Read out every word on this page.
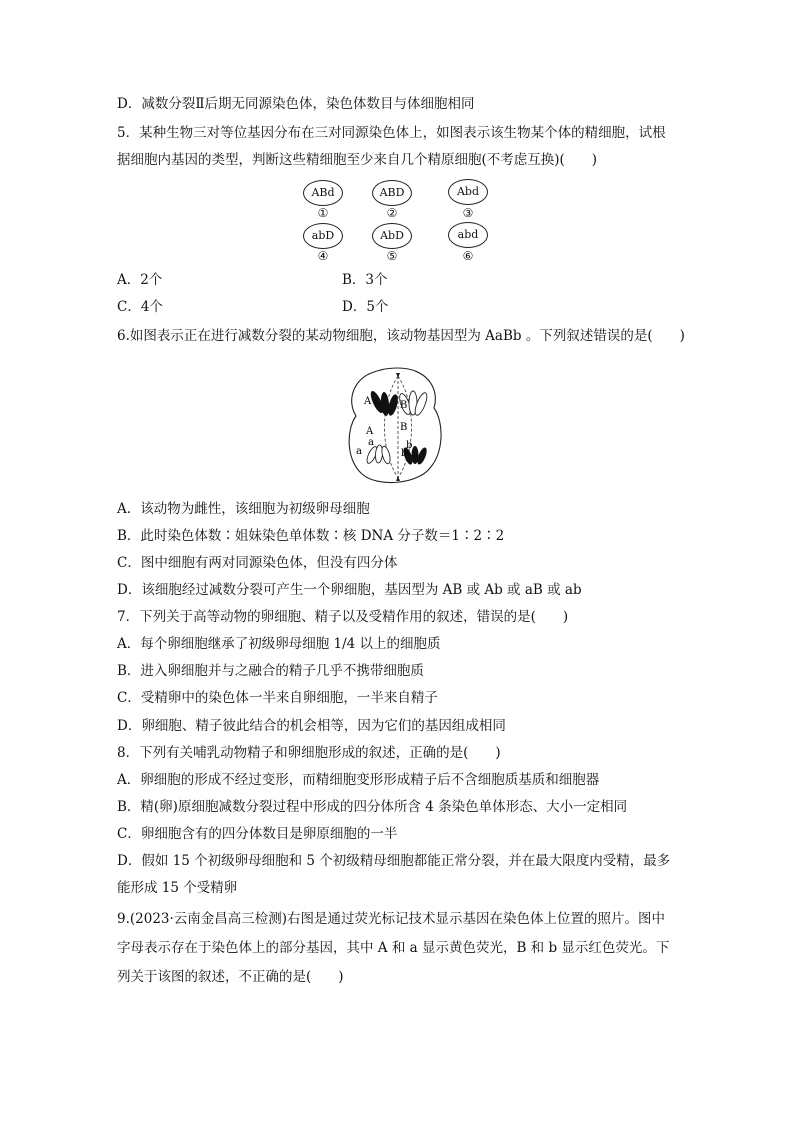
D．减数分裂Ⅱ后期无同源染色体，染色体数目与体细胞相同
5．某种生物三对等位基因分布在三对同源染色体上，如图表示该生物某个体的精细胞，试根
据细胞内基因的类型，判断这些精细胞至少来自几个精原细胞(不考虑互换)(　　)
ABd
①
ABD
②
Abd
③
abD
④
AbD
⑤
abd
⑥
A．2个	B．3个
C．4个	D．5个
6.如图表示正在进行减数分裂的某动物细胞，该动物基因型为 AaBb 。下列叙述错误的是(　　)
A
A
a
a
B
B
b
b
A．该动物为雌性，该细胞为初级卵母细胞
B．此时染色体数∶姐妹染色单体数∶核 DNA 分子数＝1∶2∶2
C．图中细胞有两对同源染色体，但没有四分体
D．该细胞经过减数分裂可产生一个卵细胞，基因型为 AB 或 Ab 或 aB 或 ab
7．下列关于高等动物的卵细胞、精子以及受精作用的叙述，错误的是(　　)
A．每个卵细胞继承了初级卵母细胞 1/4 以上的细胞质
B．进入卵细胞并与之融合的精子几乎不携带细胞质
C．受精卵中的染色体一半来自卵细胞，一半来自精子
D．卵细胞、精子彼此结合的机会相等，因为它们的基因组成相同
8．下列有关哺乳动物精子和卵细胞形成的叙述，正确的是(　　)
A．卵细胞的形成不经过变形，而精细胞变形形成精子后不含细胞质基质和细胞器
B．精(卵)原细胞减数分裂过程中形成的四分体所含 4 条染色单体形态、大小一定相同
C．卵细胞含有的四分体数目是卵原细胞的一半
D．假如 15 个初级卵母细胞和 5 个初级精母细胞都能正常分裂，并在最大限度内受精，最多
能形成 15 个受精卵
9.(2023·云南金昌高三检测)右图是通过荧光标记技术显示基因在染色体上位置的照片。图中
字母表示存在于染色体上的部分基因，其中 A 和 a 显示黄色荧光，B 和 b 显示红色荧光。下
列关于该图的叙述，不正确的是(　　)
